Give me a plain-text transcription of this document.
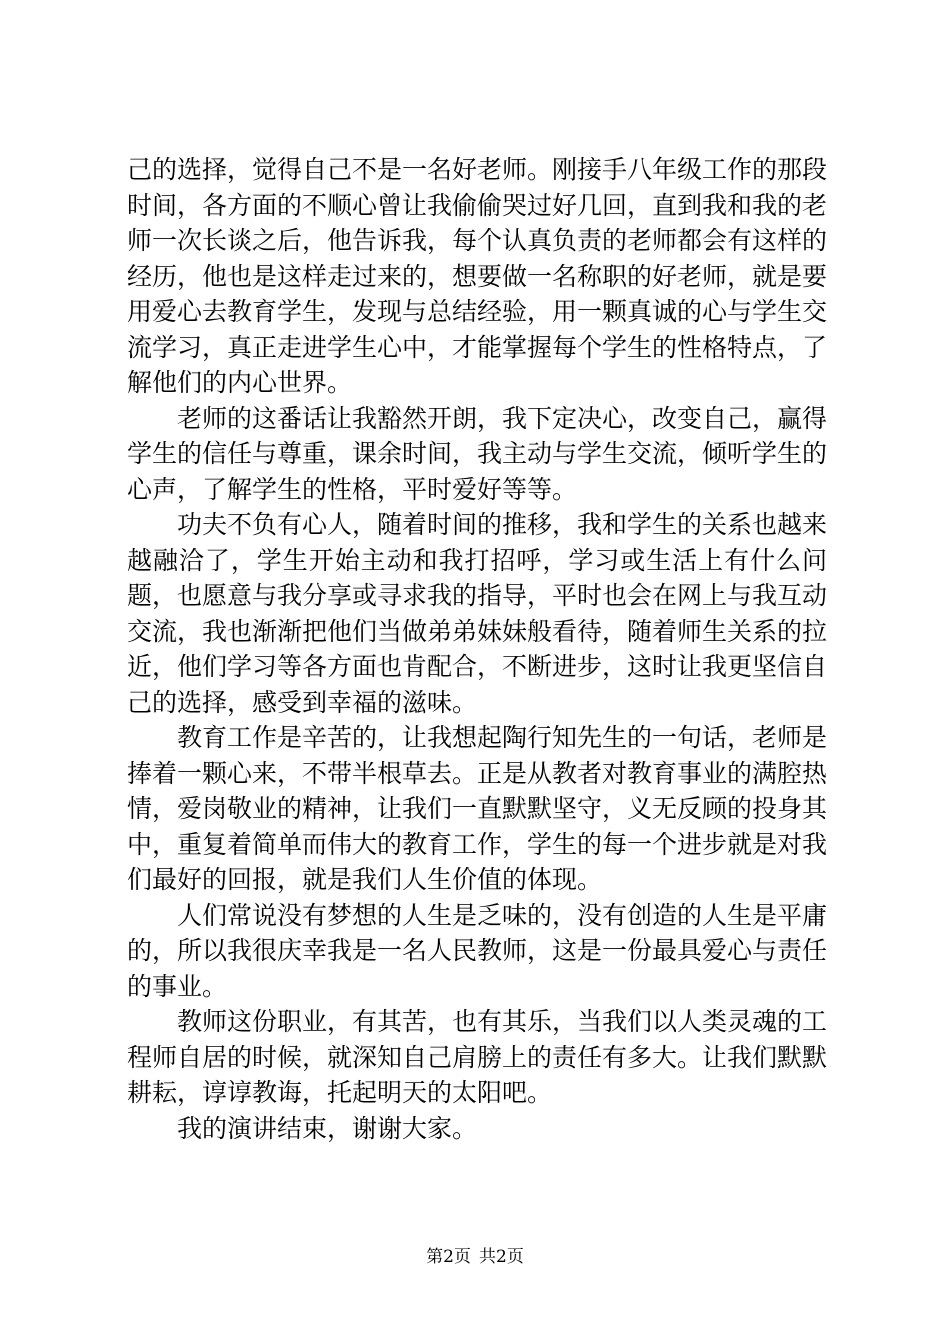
己的选择，觉得自己不是一名好老师。刚接手八年级工作的那段时间，各方面的不顺心曾让我偷偷哭过好几回，直到我和我的老师一次长谈之后，他告诉我，每个认真负责的老师都会有这样的经历，他也是这样走过来的，想要做一名称职的好老师，就是要用爱心去教育学生，发现与总结经验，用一颗真诚的心与学生交流学习，真正走进学生心中，才能掌握每个学生的性格特点，了解他们的内心世界。

老师的这番话让我豁然开朗，我下定决心，改变自己，赢得学生的信任与尊重，课余时间，我主动与学生交流，倾听学生的心声，了解学生的性格，平时爱好等等。

功夫不负有心人，随着时间的推移，我和学生的关系也越来越融洽了，学生开始主动和我打招呼，学习或生活上有什么问题，也愿意与我分享或寻求我的指导，平时也会在网上与我互动交流，我也渐渐把他们当做弟弟妹妹般看待，随着师生关系的拉近，他们学习等各方面也肯配合，不断进步，这时让我更坚信自己的选择，感受到幸福的滋味。

教育工作是辛苦的，让我想起陶行知先生的一句话，老师是捧着一颗心来，不带半根草去。正是从教者对教育事业的满腔热情，爱岗敬业的精神，让我们一直默默坚守，义无反顾的投身其中，重复着简单而伟大的教育工作，学生的每一个进步就是对我们最好的回报，就是我们人生价值的体现。

人们常说没有梦想的人生是乏味的，没有创造的人生是平庸的，所以我很庆幸我是一名人民教师，这是一份最具爱心与责任的事业。

教师这份职业，有其苦，也有其乐，当我们以人类灵魂的工程师自居的时候，就深知自己肩膀上的责任有多大。让我们默默耕耘，谆谆教诲，托起明天的太阳吧。

我的演讲结束，谢谢大家。

第2页 共2页
